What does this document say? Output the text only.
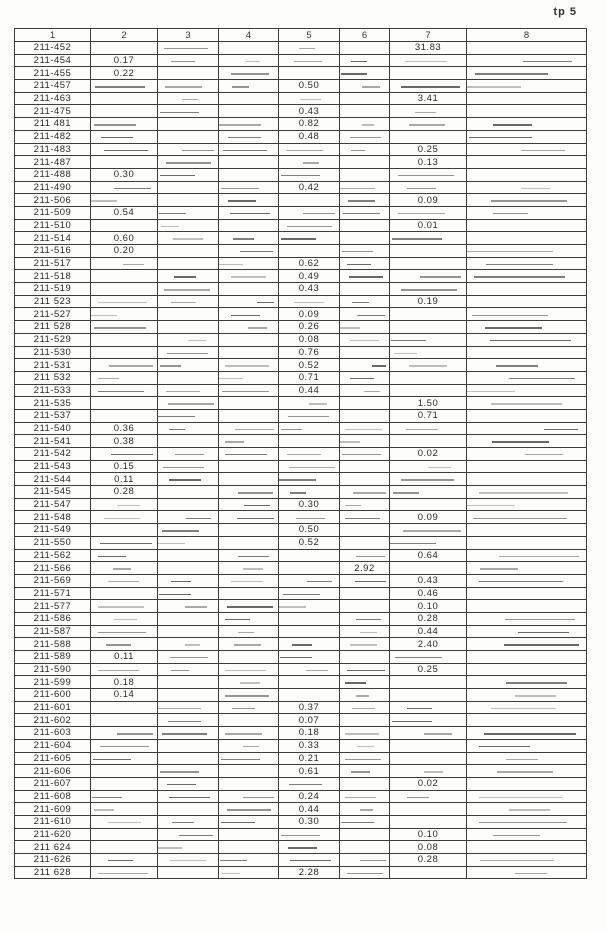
tp 5
1	2	3	4	5	6	7	8
211-452						31.83	
211-454	0.17	

211-455	0.22		

211-457				0.50	

211-463						3.41	
211-475				0.43		

211 481				0.82	

211-482				0.48	

211-483						0.25	

211-487						0.13	
211-488	0.30	

211-490				0.42	

211-506						0.09	

211-509	0.54	

211-510						0.01	
211-514	0.60	

211-516	0.20		

211-517				0.62	

211-518				0.49	

211-519				0.43		

211 523						0.19	
211-527				0.09	

211 528				0.26	

211-529				0.08	

211-530				0.76		

211-531				0.52	

211 532				0.71	

211-533				0.44	

211-535						1.50	

211-537						0.71	
211-540	0.36	

211-541	0.38		

211-542						0.02	

211-543	0.15	

211-544	0.11	

211-545	0.28		

211-547				0.30	

211-548						0.09	

211-549				0.50		

211-550				0.52		

211-562						0.64	

211-566					2.92		

211-569						0.43	

211-571						0.46	
211-577						0.10	
211-586						0.28	

211-587						0.44	

211-588						2.40	

211-589	0.11	

211-590						0.25	
211-599	0.18		

211-600	0.14		

211-601				0.37	

211-602				0.07		

211-603				0.18	

211-604				0.33	

211-605				0.21	

211-606				0.61	

211-607						0.02	
211-608				0.24	

211-609				0.44	

211-610				0.30	

211-620						0.10	

211 624						0.08	
211-626						0.28	

211 628				2.28	
